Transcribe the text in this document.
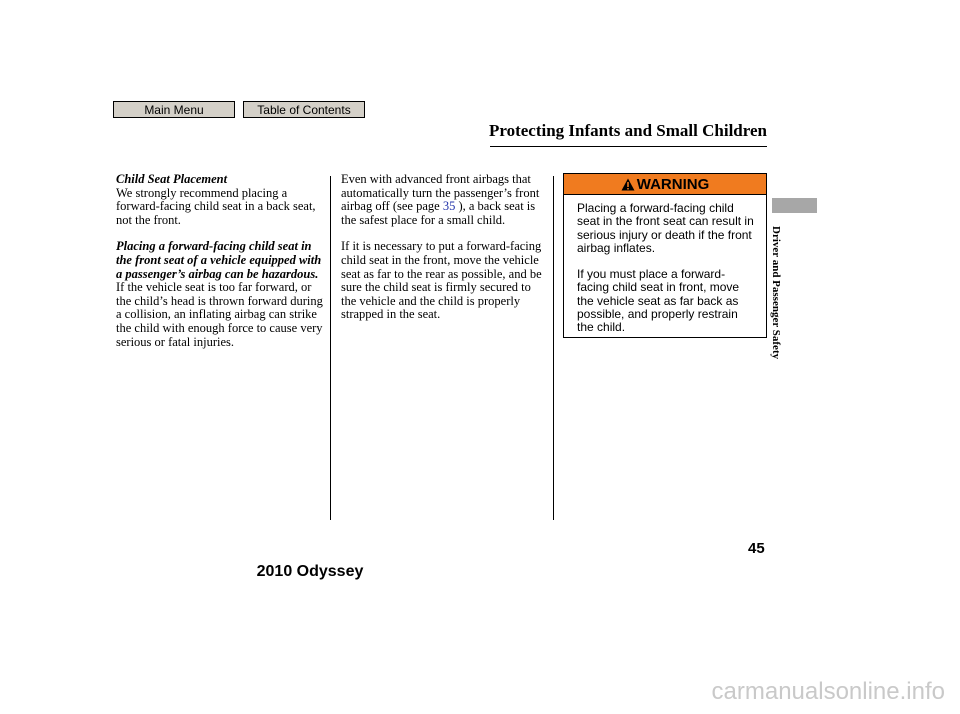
Main Menu	Table of Contents
Protecting Infants and Small Children
Driver and Passenger Safety

Child Seat Placement

We strongly recommend placing a forward-facing child seat in a back seat, not the front.

Placing a forward-facing child seat in the front seat of a vehicle equipped with a passenger’s airbag can be hazardous. If the vehicle seat is too far forward, or the child’s head is thrown forward during a collision, an inflating airbag can strike the child with enough force to cause very serious or fatal injuries.

Even with advanced front airbags that automatically turn the passenger’s front airbag off (see page 35 ), a back seat is the safest place for a small child.

If it is necessary to put a forward-facing child seat in the front, move the vehicle seat as far to the rear as possible, and be sure the child seat is firmly secured to the vehicle and the child is properly strapped in the seat.

WARNING

Placing a forward-facing child seat in the front seat can result in serious injury or death if the front airbag inflates.

If you must place a forward-facing child seat in front, move the vehicle seat as far back as possible, and properly restrain the child.

45
2010 Odyssey
carmanualsonline.info
